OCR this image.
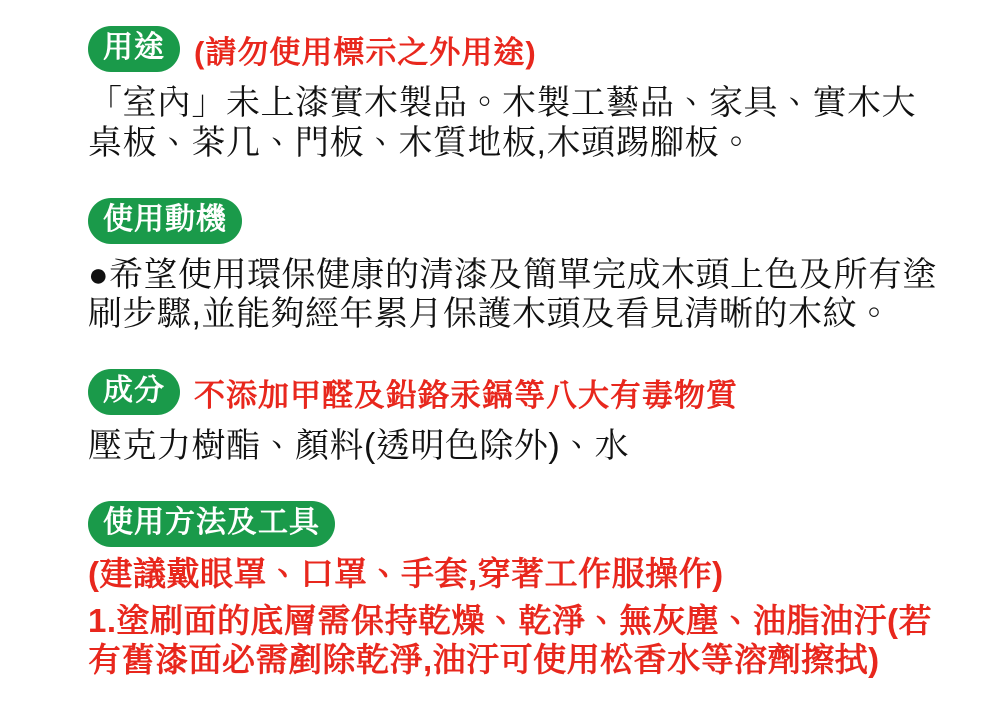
用途 (請勿使用標示之外用途)

「室內」未上漆實木製品。木製工藝品、家具、實木大桌板、茶几、門板、木質地板,木頭踢腳板。

使用動機

●希望使用環保健康的清漆及簡單完成木頭上色及所有塗刷步驟,並能夠經年累月保護木頭及看見清晰的木紋。

成分 不添加甲醛及鉛鉻汞鎘等八大有毒物質

壓克力樹酯、顏料(透明色除外)、水

使用方法及工具

(建議戴眼罩、口罩、手套,穿著工作服操作)

1.塗刷面的底層需保持乾燥、乾淨、無灰塵、油脂油汙(若有舊漆面必需剷除乾淨,油汙可使用松香水等溶劑擦拭)
